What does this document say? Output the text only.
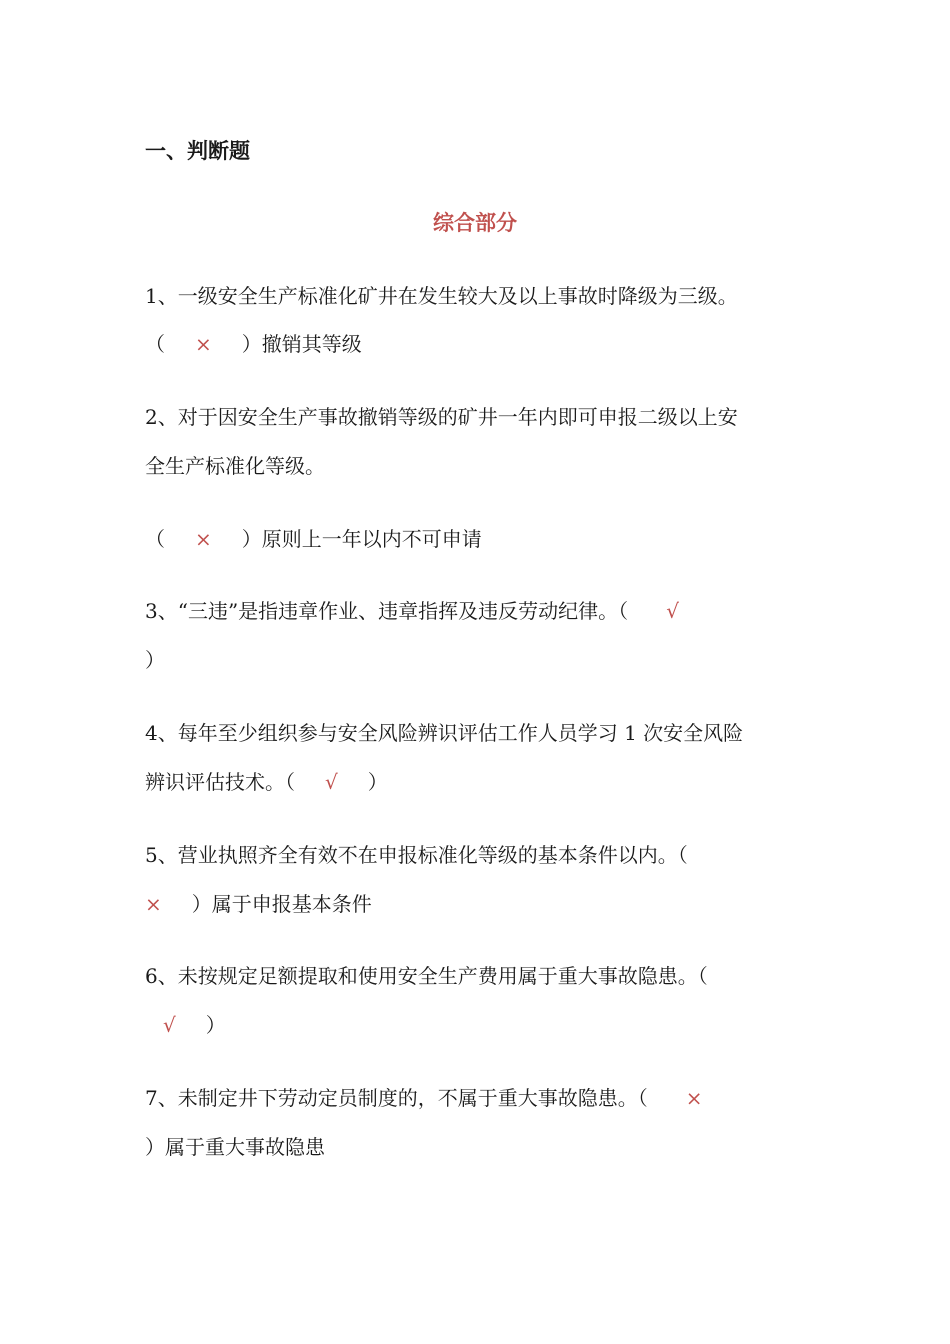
一、判断题
综合部分
1、一级安全生产标准化矿井在发生较大及以上事故时降级为三级。
（ × ）撤销其等级
2、对于因安全生产事故撤销等级的矿井一年内即可申报二级以上安
全生产标准化等级。
（ × ）原则上一年以内不可申请
3、“三违”是指违章作业、违章指挥及违反劳动纪律。（ √
）
4、每年至少组织参与安全风险辨识评估工作人员学习 1 次安全风险
辨识评估技术。（ √ ）
5、营业执照齐全有效不在申报标准化等级的基本条件以内。（
× ）属于申报基本条件
6、未按规定足额提取和使用安全生产费用属于重大事故隐患。（
√ ）
7、未制定井下劳动定员制度的，不属于重大事故隐患。（ ×
）属于重大事故隐患
